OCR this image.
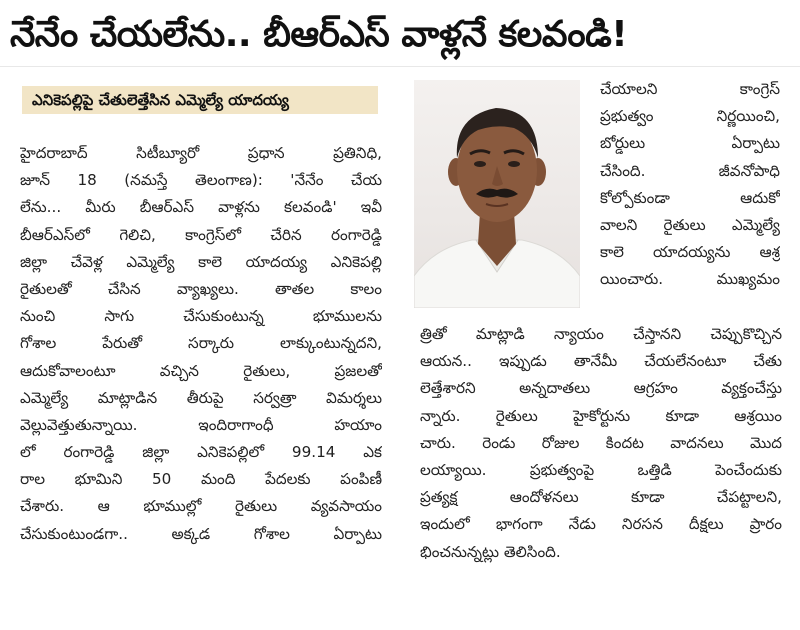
నేనేం చేయలేను.. బీఆర్ఎస్ వాళ్లనే కలవండి!
ఎనికెపల్లిపై చేతులెత్తేసిన ఎమ్మెల్యే యాదయ్య
హైదరాబాద్ సిటీబ్యూరో ప్రధాన ప్రతినిధి,
జూన్ 18 (నమస్తే తెలంగాణ): 'నేనేం చేయ
లేను... మీరు బీఆర్ఎస్ వాళ్లను కలవండి' ఇవీ
బీఆర్ఎస్‌లో గెలిచి, కాంగ్రెస్‌లో చేరిన రంగారెడ్డి
జిల్లా చేవెళ్ల ఎమ్మెల్యే కాలె యాదయ్య ఎనికెపల్లి
రైతులతో చేసిన వ్యాఖ్యలు. తాతల కాలం
నుంచి సాగు చేసుకుంటున్న భూములను
గోశాల పేరుతో సర్కారు లాక్కుంటున్నదని,
ఆదుకోవాలంటూ వచ్చిన రైతులు, ప్రజలతో
ఎమ్మెల్యే మాట్లాడిన తీరుపై సర్వత్రా విమర్శలు
వెల్లువెత్తుతున్నాయి. ఇందిరాగాంధీ హయాం
లో రంగారెడ్డి జిల్లా ఎనికెపల్లిలో 99.14 ఎక
రాల భూమిని 50 మంది పేదలకు పంపిణీ
చేశారు. ఆ భూముల్లో రైతులు వ్యవసాయం
చేసుకుంటుండగా.. అక్కడ గోశాల ఏర్పాటు
చేయాలని కాంగ్రెస్
ప్రభుత్వం నిర్ణయించి,
బోర్డులు ఏర్పాటు
చేసింది. జీవనోపాధి
కోల్పోకుండా ఆదుకో
వాలని రైతులు ఎమ్మెల్యే
కాలె యాదయ్యను ఆశ్ర
యించారు. ముఖ్యమం
త్రితో మాట్లాడి న్యాయం చేస్తానని చెప్పుకొచ్చిన
ఆయన.. ఇప్పుడు తానేమీ చేయలేనంటూ చేతు
లెత్తేశారని అన్నదాతలు ఆగ్రహం వ్యక్తంచేస్తు
న్నారు. రైతులు హైకోర్టును కూడా ఆశ్రయిం
చారు. రెండు రోజుల కిందట వాదనలు మొద
లయ్యాయి. ప్రభుత్వంపై ఒత్తిడి పెంచేందుకు
ప్రత్యక్ష ఆందోళనలు కూడా చేపట్టాలని,
ఇందులో భాగంగా నేడు నిరసన దీక్షలు ప్రారం
భించనున్నట్లు తెలిసింది.
